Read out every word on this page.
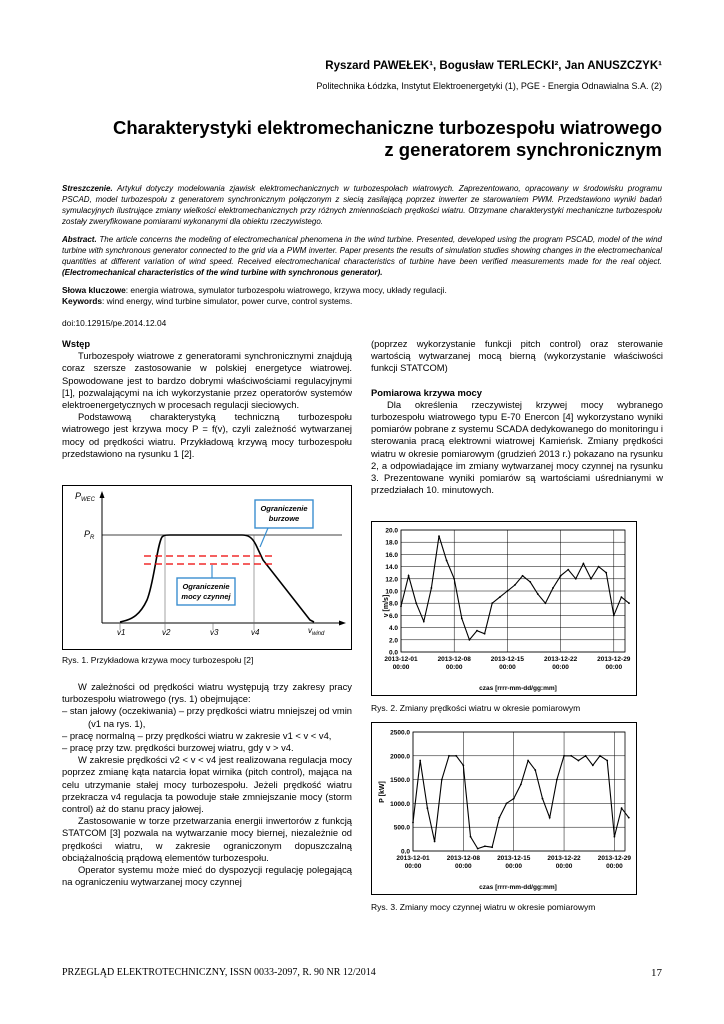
Ryszard PAWEŁEK¹, Bogusław TERLECKI², Jan ANUSZCZYK¹
Politechnika Łódzka, Instytut Elektroenergetyki (1), PGE - Energia Odnawialna S.A. (2)
Charakterystyki elektromechaniczne turbozespołu wiatrowego
z generatorem synchronicznym
Streszczenie. Artykuł dotyczy modelowania zjawisk elektromechanicznych w turbozespołach wiatrowych. Zaprezentowano, opracowany w środowisku programu PSCAD, model turbozespołu z generatorem synchronicznym połączonym z siecią zasilającą poprzez inwerter ze starowaniem PWM. Przedstawiono wyniki badań symulacyjnych ilustrujące zmiany wielkości elektromechanicznych przy różnych zmiennościach prędkości wiatru. Otrzymane charakterystyki mechaniczne turbozespołu zostały zweryfikowane pomiarami wykonanymi dla obiektu rzeczywistego.
Abstract. The article concerns the modeling of electromechanical phenomena in the wind turbine. Presented, developed using the program PSCAD, model of the wind turbine with synchronous generator connected to the grid via a PWM inverter. Paper presents the results of simulation studies showing changes in the electromechanical quantities at different variation of wind speed. Received electromechanical characteristics of turbine have been verified measurements made for the real object. (Electromechanical characteristics of the wind turbine with synchronous generator).
Słowa kluczowe: energia wiatrowa, symulator turbozespołu wiatrowego, krzywa mocy, układy regulacji.
Keywords: wind energy, wind turbine simulator, power curve, control systems.
doi:10.12915/pe.2014.12.04
Wstęp

Turbozespoły wiatrowe z generatorami synchronicznymi znajdują coraz szersze zastosowanie w polskiej energetyce wiatrowej. Spowodowane jest to bardzo dobrymi właściwościami regulacyjnymi [1], pozwalającymi na ich wykorzystanie przez operatorów systemów elektroenergetycznych w procesach regulacji sieciowych.

Podstawową charakterystyką techniczną turbozespołu wiatrowego jest krzywa mocy P = f(v), czyli zależność wytwarzanej mocy od prędkości wiatru. Przykładową krzywą mocy turbozespołu przedstawiono na rysunku 1 [2].

$P_{WEC}$
$P_R$
Ograniczenie
burzowe
Ograniczenie
mocy czynnej
v1	v2	v3	v4	$v_{wind}$
Rys. 1. Przykładowa krzywa mocy turbozespołu [2]

W zależności od prędkości wiatru występują trzy zakresy pracy turbozespołu wiatrowego (rys. 1) obejmujące:

– stan jałowy (oczekiwania) – przy prędkości wiatru mniejszej od vmin (v1 na rys. 1),
– pracę normalną – przy prędkości wiatru w zakresie v1 < v < v4,
– pracę przy tzw. prędkości burzowej wiatru, gdy v > v4.

W zakresie prędkości v2 < v < v4 jest realizowana regulacja mocy poprzez zmianę kąta natarcia łopat wirnika (pitch control), mająca na celu utrzymanie stałej mocy turbozespołu. Jeżeli prędkość wiatru przekracza v4 regulacja ta powoduje stałe zmniejszanie mocy (storm control) aż do stanu pracy jałowej.

Zastosowanie w torze przetwarzania energii inwertorów z funkcją STATCOM [3] pozwala na wytwarzanie mocy biernej, niezależnie od prędkości wiatru, w zakresie ograniczonym dopuszczalną obciążalnością prądową elementów turbozespołu.

Operator systemu może mieć do dyspozycji regulację polegającą na ograniczeniu wytwarzanej mocy czynnej

(poprzez wykorzystanie funkcji pitch control) oraz sterowanie wartością wytwarzanej mocą bierną (wykorzystanie właściwości funkcji STATCOM)

Pomiarowa krzywa mocy

Dla określenia rzeczywistej krzywej mocy wybranego turbozespołu wiatrowego typu E-70 Enercon [4] wykorzystano wyniki pomiarów pobrane z systemu SCADA dedykowanego do monitoringu i sterowania pracą elektrowni wiatrowej Kamieńsk. Zmiany prędkości wiatru w okresie pomiarowym (grudzień 2013 r.) pokazano na rysunku 2, a odpowiadające im zmiany wytwarzanej mocy czynnej na rysunku 3. Prezentowane wyniki pomiarów są wartościami uśrednianymi w przedziałach 10. minutowych.

20.0
18.0
16.0
14.0
12.0
10.0
8.0
6.0
4.0
2.0
0.0
2013-12-01
00:00
2013-12-08
00:00
2013-12-15
00:00
2013-12-22
00:00
2013-12-29
00:00
v [m/s]
czas [rrrr-mm-dd/gg:mm]
Rys. 2. Zmiany prędkości wiatru w okresie pomiarowym
2500.0
2000.0
1500.0
1000.0
500.0
0.0
2013-12-01
00:00
2013-12-08
00:00
2013-12-15
00:00
2013-12-22
00:00
2013-12-29
00:00
P [kW]
czas [rrrr-mm-dd/gg:mm]
Rys. 3. Zmiany mocy czynnej wiatru w okresie pomiarowym
PRZEGLĄD ELEKTROTECHNICZNY, ISSN 0033-2097, R. 90 NR 12/2014	17
